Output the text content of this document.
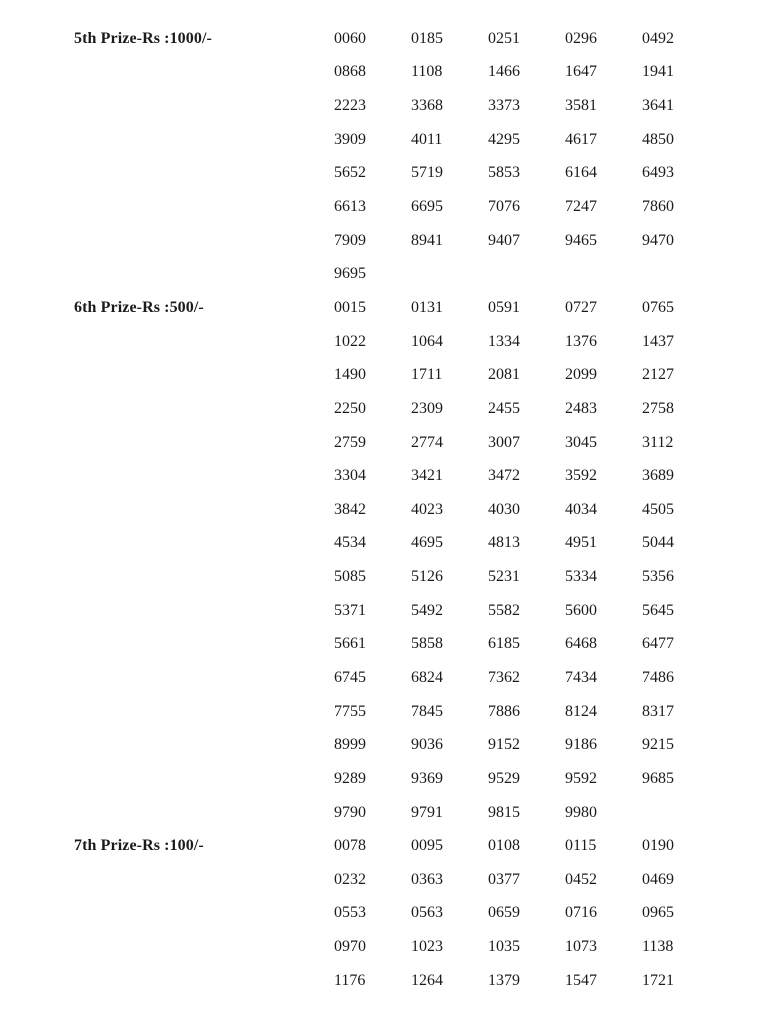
5th Prize-Rs :1000/-	0060	0185	0251	0296	0492
0868	1108	1466	1647	1941
2223	3368	3373	3581	3641
3909	4011	4295	4617	4850
5652	5719	5853	6164	6493
6613	6695	7076	7247	7860
7909	8941	9407	9465	9470
9695
6th Prize-Rs :500/-	0015	0131	0591	0727	0765
1022	1064	1334	1376	1437
1490	1711	2081	2099	2127
2250	2309	2455	2483	2758
2759	2774	3007	3045	3112
3304	3421	3472	3592	3689
3842	4023	4030	4034	4505
4534	4695	4813	4951	5044
5085	5126	5231	5334	5356
5371	5492	5582	5600	5645
5661	5858	6185	6468	6477
6745	6824	7362	7434	7486
7755	7845	7886	8124	8317
8999	9036	9152	9186	9215
9289	9369	9529	9592	9685
9790	9791	9815	9980
7th Prize-Rs :100/-	0078	0095	0108	0115	0190
0232	0363	0377	0452	0469
0553	0563	0659	0716	0965
0970	1023	1035	1073	1138
1176	1264	1379	1547	1721
